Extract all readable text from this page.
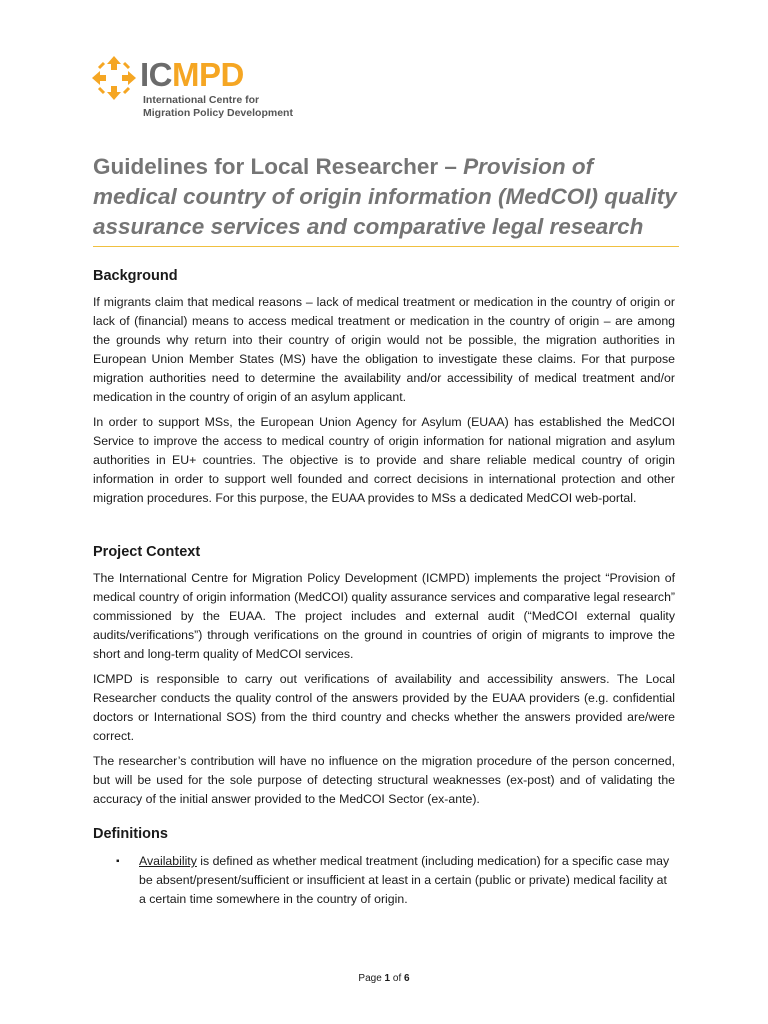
ICMPD
International Centre for
Migration Policy Development
Guidelines for Local Researcher – Provision of medical country of origin information (MedCOI) quality assurance services and comparative legal research
Background
If migrants claim that medical reasons – lack of medical treatment or medication in the country of origin or lack of (financial) means to access medical treatment or medication in the country of origin – are among the grounds why return into their country of origin would not be possible, the migration authorities in European Union Member States (MS) have the obligation to investigate these claims. For that purpose migration authorities need to determine the availability and/or accessibility of medical treatment and/or medication in the country of origin of an asylum applicant.
In order to support MSs, the European Union Agency for Asylum (EUAA) has established the MedCOI Service to improve the access to medical country of origin information for national migration and asylum authorities in EU+ countries. The objective is to provide and share reliable medical country of origin information in order to support well founded and correct decisions in international protection and other migration procedures. For this purpose, the EUAA provides to MSs a dedicated MedCOI web-portal.
Project Context
The International Centre for Migration Policy Development (ICMPD) implements the project “Provision of medical country of origin information (MedCOI) quality assurance services and comparative legal research” commissioned by the EUAA. The project includes and external audit (“MedCOI external quality audits/verifications”) through verifications on the ground in countries of origin of migrants to improve the short and long-term quality of MedCOI services.
ICMPD is responsible to carry out verifications of availability and accessibility answers. The Local Researcher conducts the quality control of the answers provided by the EUAA providers (e.g. confidential doctors or International SOS) from the third country and checks whether the answers provided are/were correct.
The researcher’s contribution will have no influence on the migration procedure of the person concerned, but will be used for the sole purpose of detecting structural weaknesses (ex-post) and of validating the accuracy of the initial answer provided to the MedCOI Sector (ex-ante).
Definitions
▪	Availability is defined as whether medical treatment (including medication) for a specific case may be absent/present/sufficient or insufficient at least in a certain (public or private) medical facility at a certain time somewhere in the country of origin.
Page 1 of 6
